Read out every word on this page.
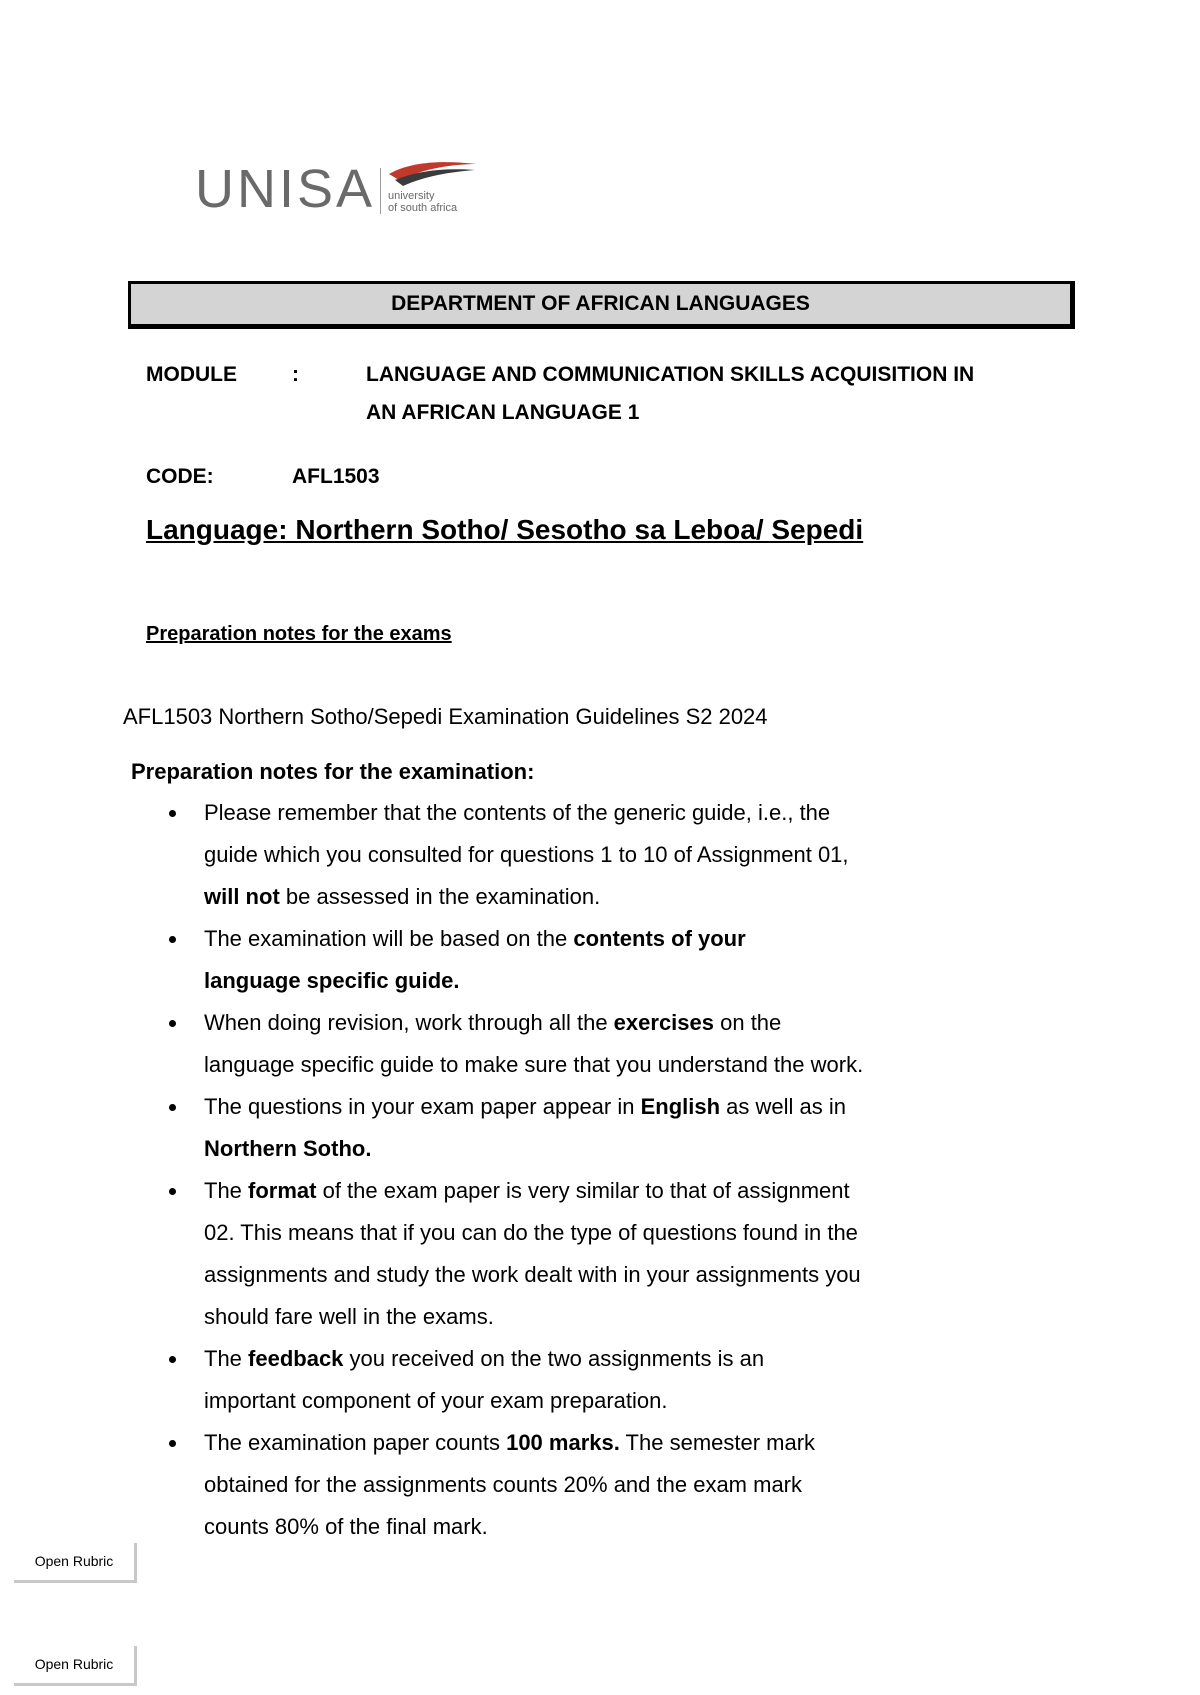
UNISA university
of south africa
DEPARTMENT OF AFRICAN LANGUAGES
MODULE	:	LANGUAGE AND COMMUNICATION SKILLS ACQUISITION IN
AN AFRICAN LANGUAGE 1
CODE:	AFL1503
Language: Northern Sotho/ Sesotho sa Leboa/ Sepedi
Preparation notes for the exams
AFL1503 Northern Sotho/Sepedi Examination Guidelines S2 2024
Preparation notes for the examination:
Please remember that the contents of the generic guide, i.e., the
guide which you consulted for questions 1 to 10 of Assignment 01,
will not be assessed in the examination.
The examination will be based on the contents of your
language specific guide.
When doing revision, work through all the exercises on the
language specific guide to make sure that you understand the work.
The questions in your exam paper appear in English as well as in
Northern Sotho.
The format of the exam paper is very similar to that of assignment
02. This means that if you can do the type of questions found in the
assignments and study the work dealt with in your assignments you
should fare well in the exams.
The feedback you received on the two assignments is an
important component of your exam preparation.
The examination paper counts 100 marks. The semester mark
obtained for the assignments counts 20% and the exam mark
counts 80% of the final mark.
Open Rubric
Open Rubric
